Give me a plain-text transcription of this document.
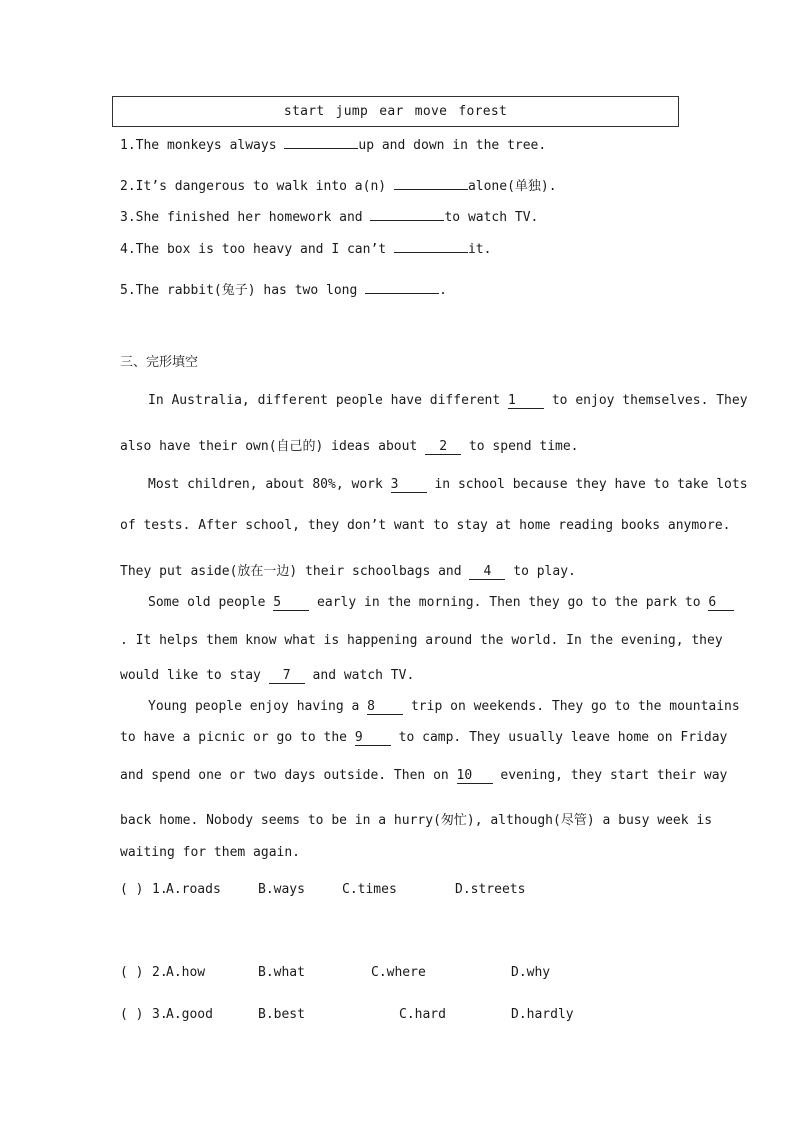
start jump ear move forest
1.The monkeys always	up and down in the tree.
2.It’s dangerous to walk into a(n)	alone(单独).
3.She finished her homework and	to watch TV.
4.The box is too heavy and I can’t	it.
5.The rabbit(兔子) has two long	.
三、完形填空
In Australia, different people have different 1 to enjoy themselves. They
also have their own(自己的) ideas about 2 to spend time.
Most children, about 80%, work 3 in school because they have to take lots
of tests. After school, they don’t want to stay at home reading books anymore.
They put aside(放在一边) their schoolbags and 4 to play.
Some old people 5 early in the morning. Then they go to the park to 6
. It helps them know what is happening around the world. In the evening, they
would like to stay 7 and watch TV.
Young people enjoy having a 8 trip on weekends. They go to the mountains
to have a picnic or go to the 9 to camp. They usually leave home on Friday
and spend one or two days outside. Then on 10 evening, they start their way
back home. Nobody seems to be in a hurry(匆忙), although(尽管) a busy week is
waiting for them again.
( ) 1.
A.roads	B.ways	C.times	D.streets
( ) 2.
A.how	B.what	C.where	D.why
( ) 3.
A.good	B.best	C.hard	D.hardly
